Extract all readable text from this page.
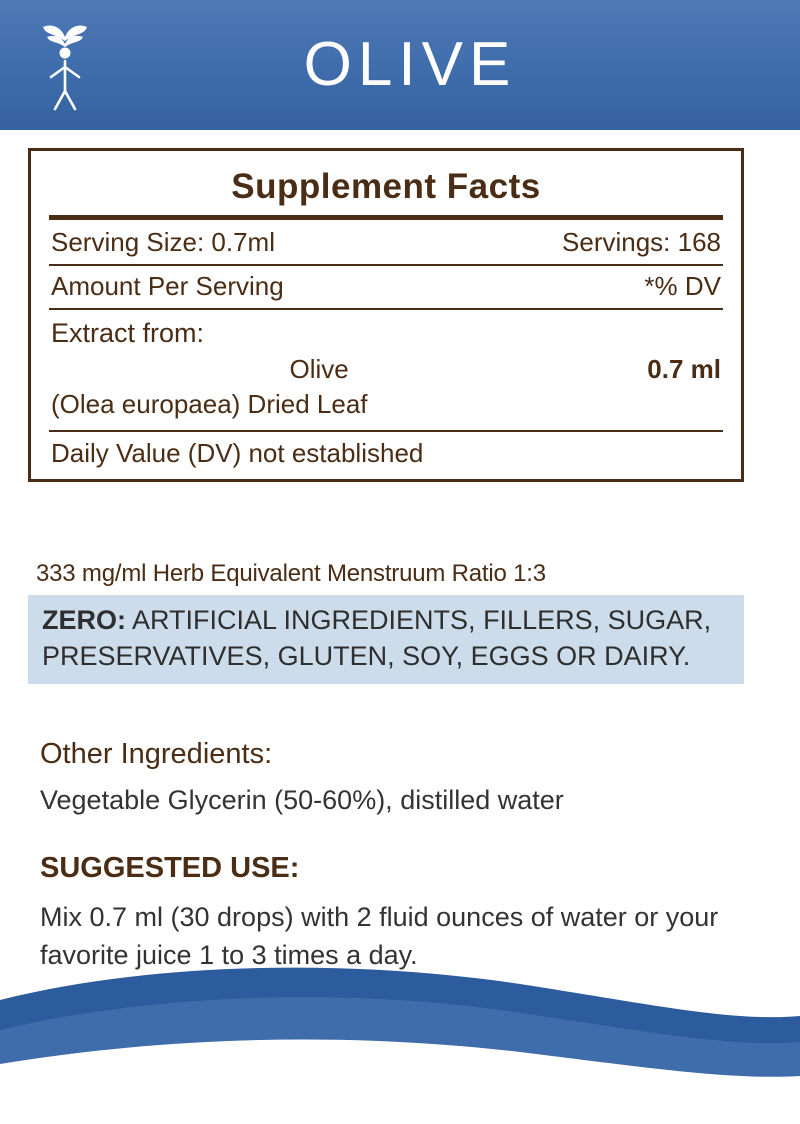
OLIVE
Supplement Facts
Serving Size: 0.7ml	Servings: 168
Amount Per Serving	*% DV
Extract from:
Olive	0.7 ml
(Olea europaea) Dried Leaf
Daily Value (DV) not established
333 mg/ml Herb Equivalent Menstruum Ratio 1:3
ZERO: ARTIFICIAL INGREDIENTS, FILLERS, SUGAR, PRESERVATIVES, GLUTEN, SOY, EGGS OR DAIRY.
Other Ingredients:
Vegetable Glycerin (50-60%), distilled water
SUGGESTED USE:
Mix 0.7 ml (30 drops) with 2 fluid ounces of water or your favorite juice 1 to 3 times a day.
